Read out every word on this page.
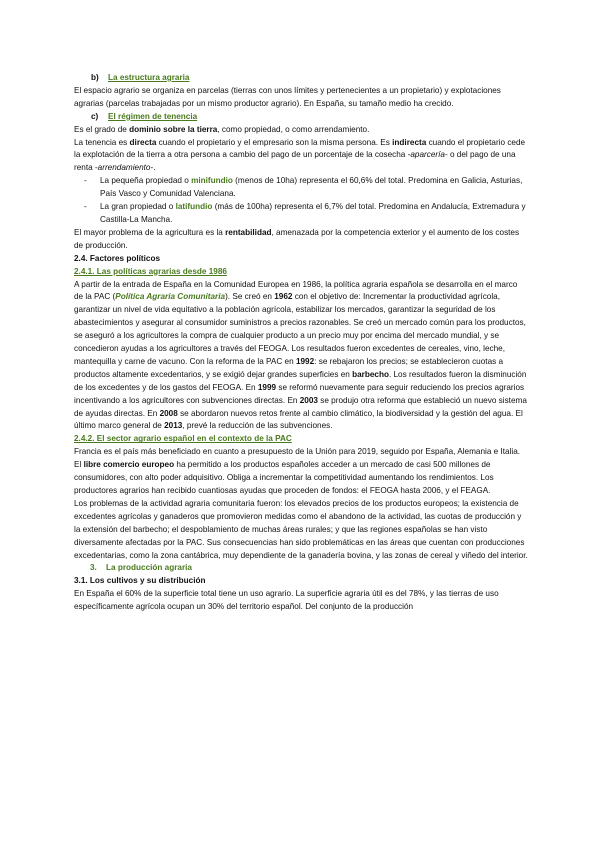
b) La estructura agraria

El espacio agrario se organiza en parcelas (tierras con unos límites y pertenecientes a un propietario) y explotaciones agrarias (parcelas trabajadas por un mismo productor agrario). En España, su tamaño medio ha crecido.

c) El régimen de tenencia

Es el grado de dominio sobre la tierra, como propiedad, o como arrendamiento.

La tenencia es directa cuando el propietario y el empresario son la misma persona. Es indirecta cuando el propietario cede la explotación de la tierra a otra persona a cambio del pago de un porcentaje de la cosecha -aparcería- o del pago de una renta -arrendamiento-.

- La pequeña propiedad o minifundio (menos de 10ha) representa el 60,6% del total. Predomina en Galicia, Asturias, País Vasco y Comunidad Valenciana.
- La gran propiedad o latifundio (más de 100ha) representa el 6,7% del total. Predomina en Andalucía, Extremadura y Castilla-La Mancha.

El mayor problema de la agricultura es la rentabilidad, amenazada por la competencia exterior y el aumento de los costes de producción.

2.4. Factores políticos

2.4.1. Las políticas agrarias desde 1986

A partir de la entrada de España en la Comunidad Europea en 1986, la política agraria española se desarrolla en el marco de la PAC (Política Agraria Comunitaria). Se creó en 1962 con el objetivo de: Incrementar la productividad agrícola, garantizar un nivel de vida equitativo a la población agrícola, estabilizar los mercados, garantizar la seguridad de los abastecimientos y asegurar al consumidor suministros a precios razonables. Se creó un mercado común para los productos, se aseguró a los agricultores la compra de cualquier producto a un precio muy por encima del mercado mundial, y se concedieron ayudas a los agricultores a través del FEOGA. Los resultados fueron excedentes de cereales, vino, leche, mantequilla y carne de vacuno. Con la reforma de la PAC en 1992: se rebajaron los precios; se establecieron cuotas a productos altamente excedentarios, y se exigió dejar grandes superficies en barbecho. Los resultados fueron la disminución de los excedentes y de los gastos del FEOGA. En 1999 se reformó nuevamente para seguir reduciendo los precios agrarios incentivando a los agricultores con subvenciones directas. En 2003 se produjo otra reforma que estableció un nuevo sistema de ayudas directas. En 2008 se abordaron nuevos retos frente al cambio climático, la biodiversidad y la gestión del agua. El último marco general de 2013, prevé la reducción de las subvenciones.

2.4.2. El sector agrario español en el contexto de la PAC

Francia es el país más beneficiado en cuanto a presupuesto de la Unión para 2019, seguido por España, Alemania e Italia.

El libre comercio europeo ha permitido a los productos españoles acceder a un mercado de casi 500 millones de consumidores, con alto poder adquisitivo. Obliga a incrementar la competitividad aumentando los rendimientos. Los productores agrarios han recibido cuantiosas ayudas que proceden de fondos: el FEOGA hasta 2006, y el FEAGA.

Los problemas de la actividad agraria comunitaria fueron: los elevados precios de los productos europeos; la existencia de excedentes agrícolas y ganaderos que promovieron medidas como el abandono de la actividad, las cuotas de producción y la extensión del barbecho; el despoblamiento de muchas áreas rurales; y que las regiones españolas se han visto diversamente afectadas por la PAC. Sus consecuencias han sido problemáticas en las áreas que cuentan con producciones excedentarias, como la zona cantábrica, muy dependiente de la ganadería bovina, y las zonas de cereal y viñedo del interior.

3. La producción agraria

3.1. Los cultivos y su distribución

En España el 60% de la superficie total tiene un uso agrario. La superficie agraria útil es del 78%, y las tierras de uso específicamente agrícola ocupan un 30% del territorio español. Del conjunto de la producción
